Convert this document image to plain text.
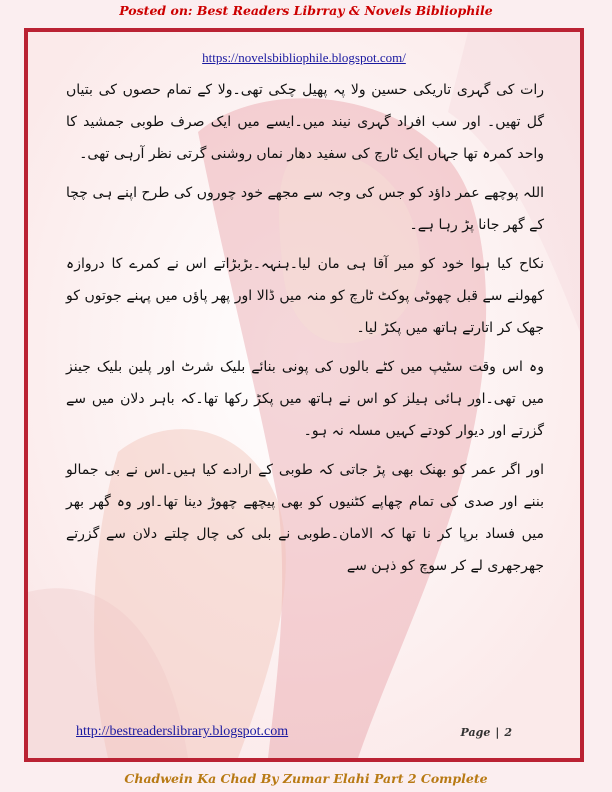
Posted on: Best Readers Librray & Novels Bibliophile
https://novelsbibliophile.blogspot.com/

رات کی گہری تاریکی حسین ولا پہ پھیل چکی تھی۔ولا کے تمام حصوں کی بتیاں گل تھیں۔ اور سب افراد گہری نیند میں۔ایسے میں ایک صرف طوبی جمشید کا واحد کمرہ تھا جہاں ایک ٹارچ کی سفید دھار نماں روشنی گرتی نظر آرہی تھی۔

اللہ پوچھے عمر داؤد کو جس کی وجہ سے مجھے خود چوروں کی طرح اپنے ہی چچا کے گھر جانا پڑ رہا ہے۔

نکاح کیا ہوا خود کو میر آقا ہی مان لیا۔ہنہہ۔بڑبڑاتے اس نے کمرے کا دروازہ کھولنے سے قبل چھوٹی پوکٹ ٹارچ کو منہ میں ڈالا اور پھر پاؤں میں پہنے جوتوں کو جھک کر اتارتے ہاتھ میں پکڑ لیا۔

وہ اس وقت سٹیپ میں کٹے بالوں کی پونی بنائے بلیک شرٹ اور پلین بلیک جینز میں تھی۔اور ہائی ہیلز کو اس نے ہاتھ میں پکڑ رکھا تھا۔کہ باہر دلان میں سے گزرتے اور دیوار کودتے کہیں مسلہ نہ ہو۔

اور اگر عمر کو بھنک بھی پڑ جاتی کہ طوبی کے ارادے کیا ہیں۔اس نے بی جمالو بننے اور صدی کی تمام چھاپے کٹنیوں کو بھی پیچھے چھوڑ دینا تھا۔اور وہ گھر بھر میں فساد برپا کر نا تھا کہ الامان۔طوبی نے بلی کی چال چلتے دلان سے گزرتے جھرجھری لے کر سوچ کو ذہن سے

http://bestreaderslibrary.blogspot.com	Page | 2
Chadwein Ka Chad By Zumar Elahi Part 2 Complete
